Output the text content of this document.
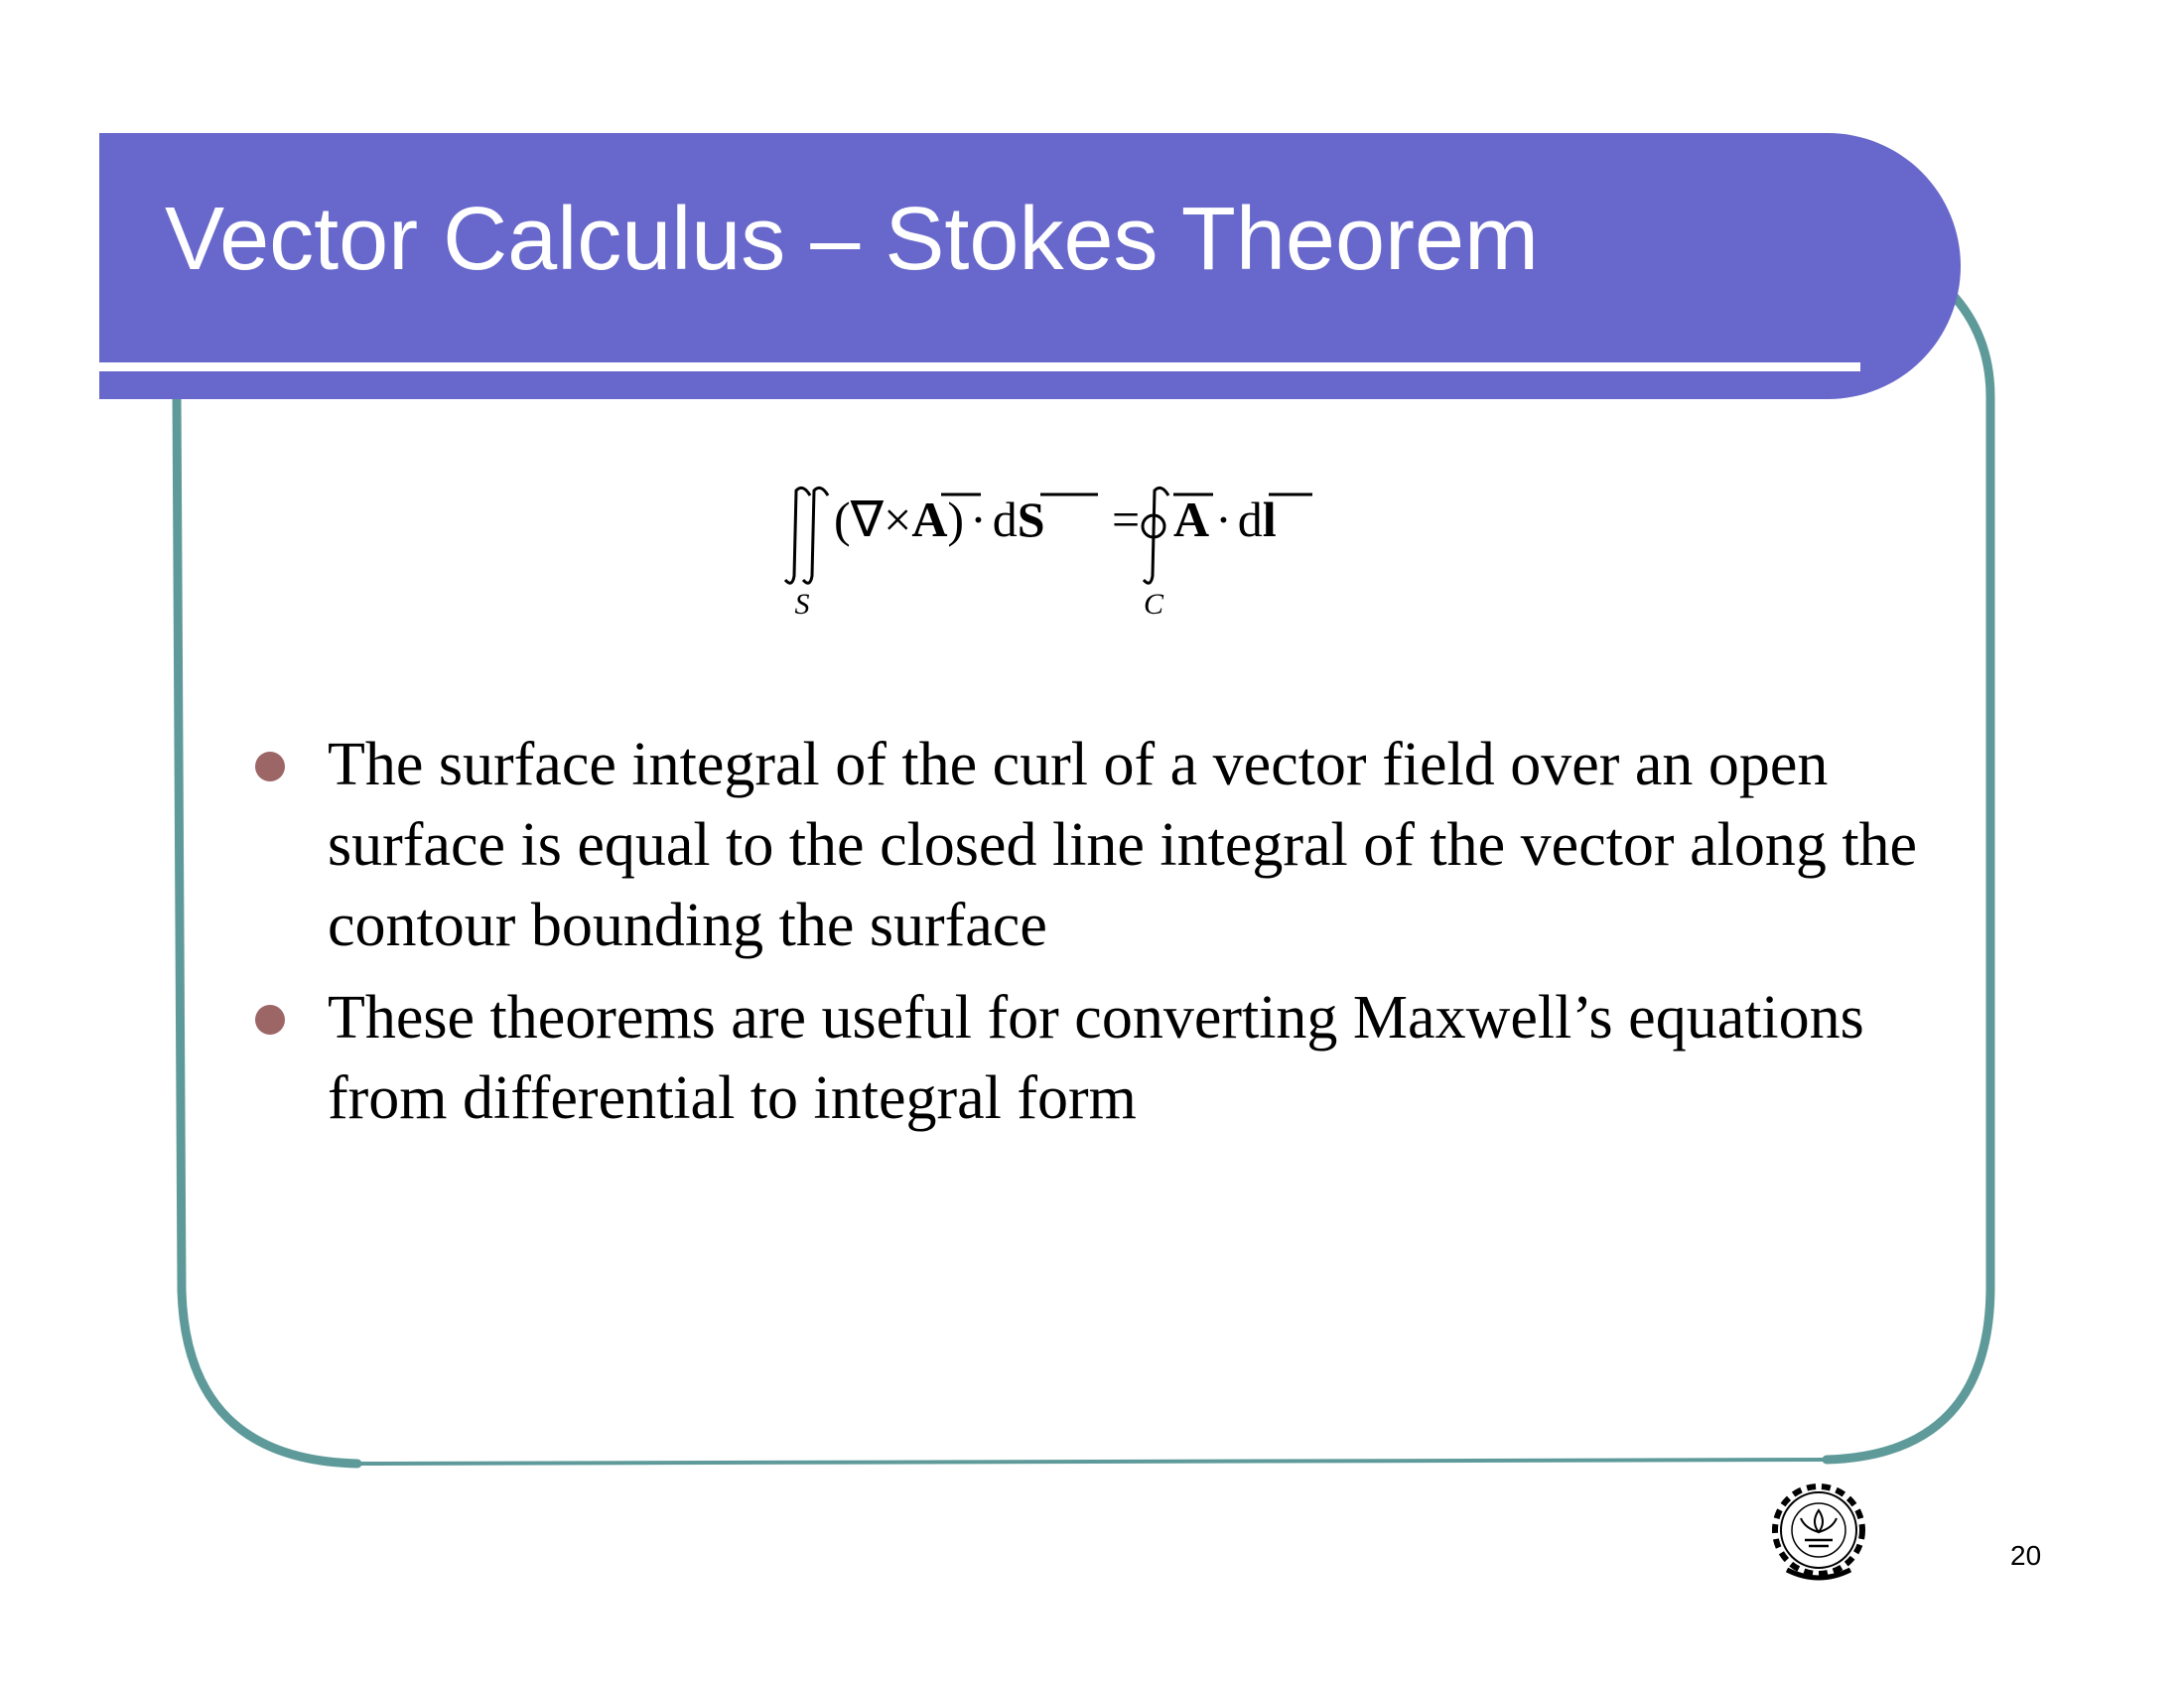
Vector Calculus – Stokes Theorem
S
(∇×A) · dS =
C
A · dl
The surface integral of the curl of a vector field over an open surface is equal to the closed line integral of the vector along the contour bounding the surface
These theorems are useful for converting Maxwell’s equations from differential to integral form
20
